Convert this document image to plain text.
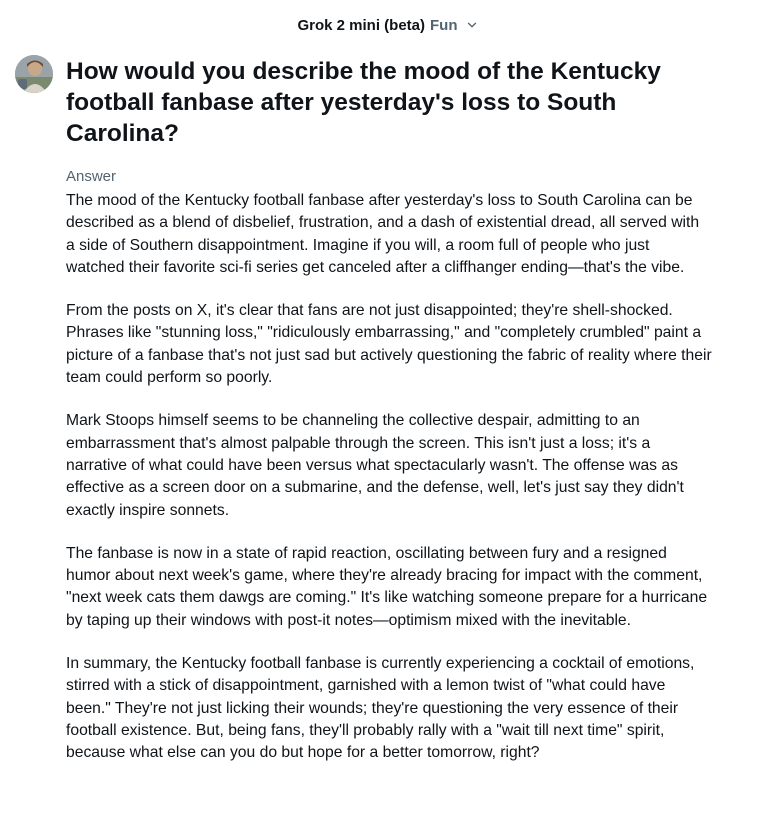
Grok 2 mini (beta) Fun
How would you describe the mood of the Kentucky football fanbase after yesterday's loss to South Carolina?
Answer

The mood of the Kentucky football fanbase after yesterday's loss to South Carolina can be described as a blend of disbelief, frustration, and a dash of existential dread, all served with a side of Southern disappointment. Imagine if you will, a room full of people who just watched their favorite sci-fi series get canceled after a cliffhanger ending—that's the vibe.

From the posts on X, it's clear that fans are not just disappointed; they're shell-shocked. Phrases like "stunning loss," "ridiculously embarrassing," and "completely crumbled" paint a picture of a fanbase that's not just sad but actively questioning the fabric of reality where their team could perform so poorly.

Mark Stoops himself seems to be channeling the collective despair, admitting to an embarrassment that's almost palpable through the screen. This isn't just a loss; it's a narrative of what could have been versus what spectacularly wasn't. The offense was as effective as a screen door on a submarine, and the defense, well, let's just say they didn't exactly inspire sonnets.

The fanbase is now in a state of rapid reaction, oscillating between fury and a resigned humor about next week's game, where they're already bracing for impact with the comment, "next week cats them dawgs are coming." It's like watching someone prepare for a hurricane by taping up their windows with post-it notes—optimism mixed with the inevitable.

In summary, the Kentucky football fanbase is currently experiencing a cocktail of emotions, stirred with a stick of disappointment, garnished with a lemon twist of "what could have been." They're not just licking their wounds; they're questioning the very essence of their football existence. But, being fans, they'll probably rally with a "wait till next time" spirit, because what else can you do but hope for a better tomorrow, right?
